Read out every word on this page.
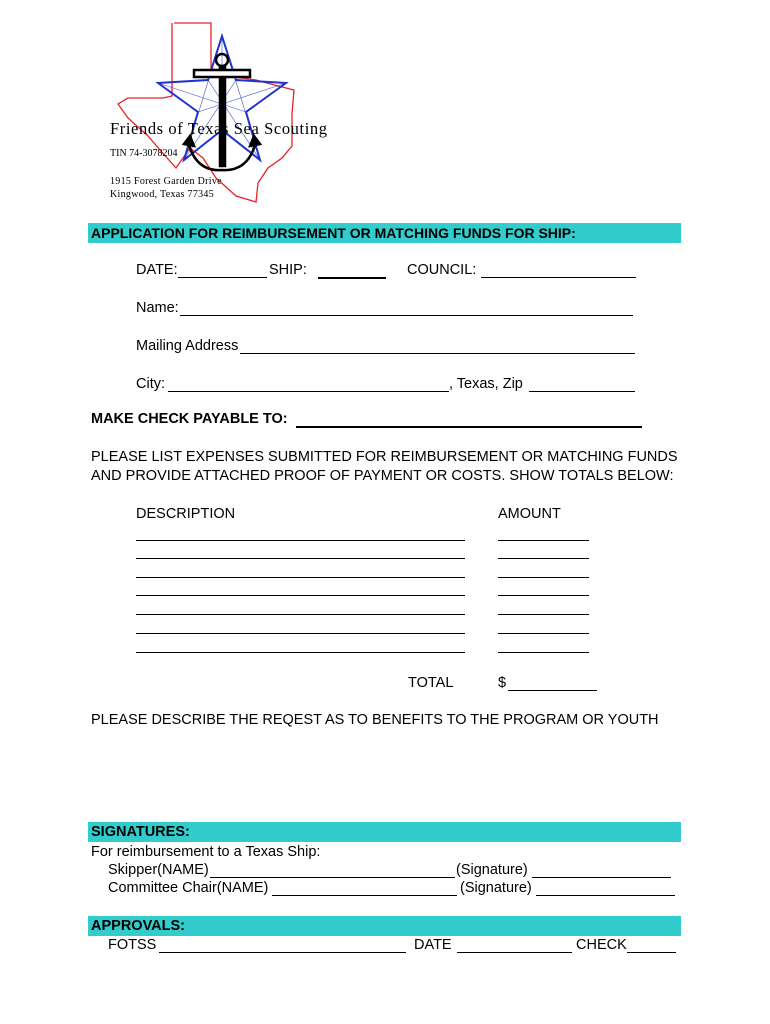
Friends of Texas Sea Scouting
TIN 74-3078204
1915 Forest Garden Drive
Kingwood, Texas 77345
APPLICATION FOR REIMBURSEMENT OR MATCHING FUNDS FOR SHIP:
DATE:	SHIP:	COUNCIL:
Name:
Mailing Address
City:	, Texas, Zip
MAKE CHECK PAYABLE TO:
PLEASE LIST EXPENSES SUBMITTED FOR REIMBURSEMENT OR MATCHING FUNDS
AND PROVIDE ATTACHED PROOF OF PAYMENT OR COSTS. SHOW TOTALS BELOW:
DESCRIPTION	AMOUNT
TOTAL	$
PLEASE DESCRIBE THE REQEST AS TO BENEFITS TO THE PROGRAM OR YOUTH
SIGNATURES:
For reimbursement to a Texas Ship:
Skipper(NAME)	(Signature)
Committee Chair(NAME)	(Signature)
APPROVALS:
FOTSS	DATE	CHECK
